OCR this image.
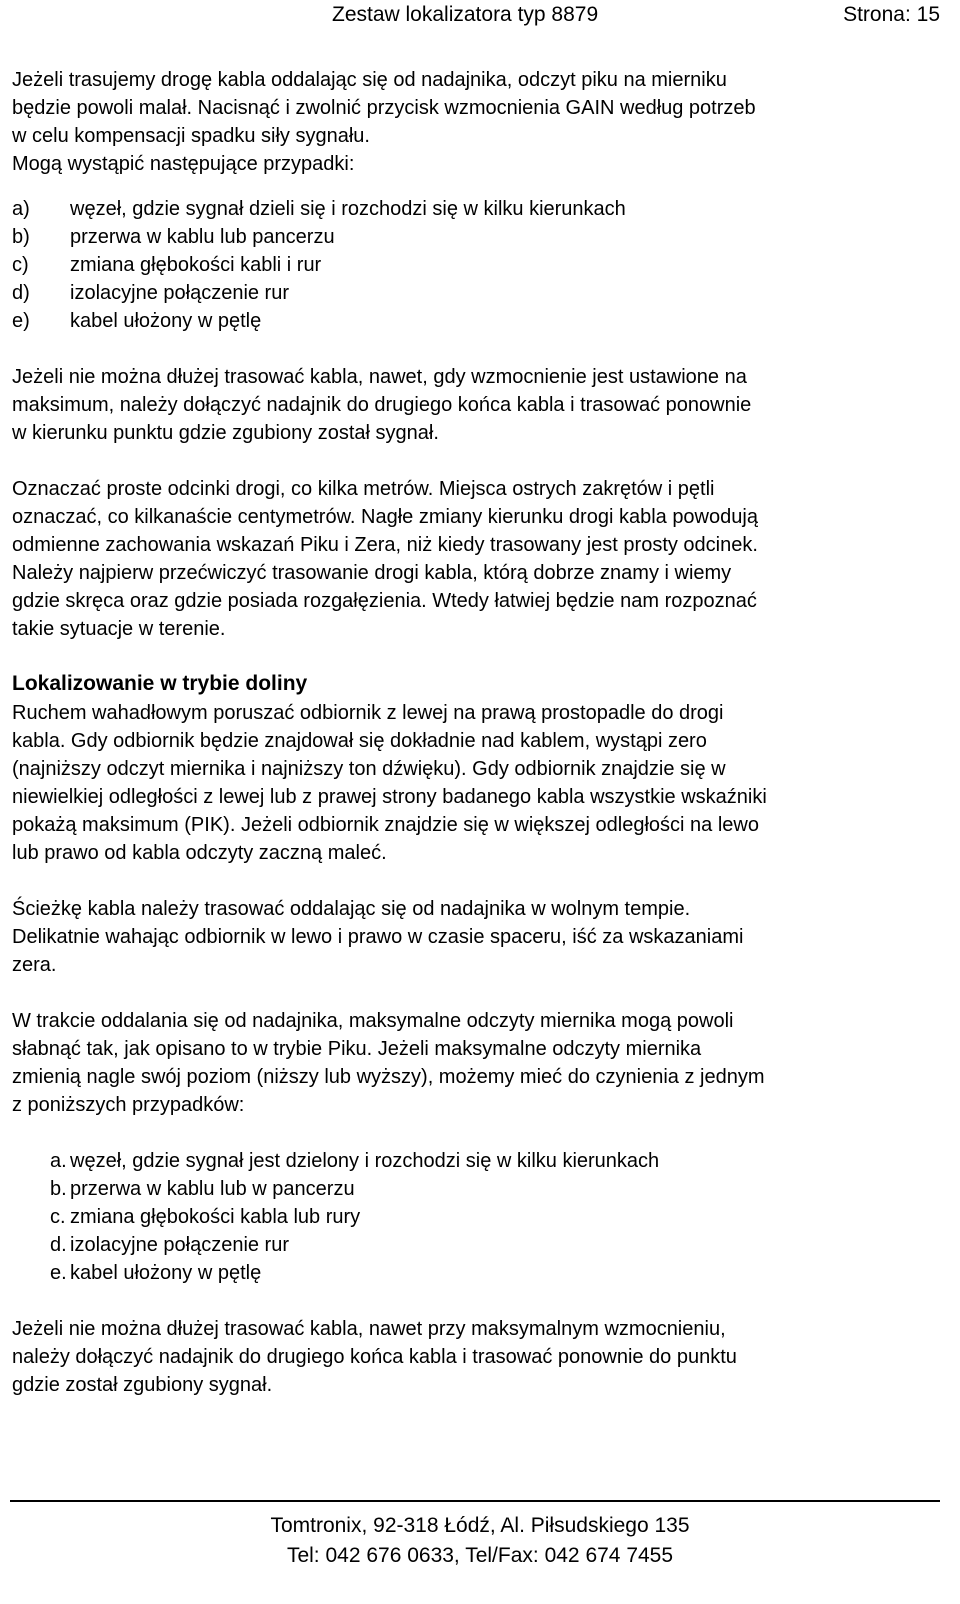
Zestaw lokalizatora typ 8879	Strona: 15

Jeżeli trasujemy drogę kabla oddalając się od nadajnika, odczyt piku na mierniku
będzie powoli malał. Nacisnąć i zwolnić przycisk wzmocnienia GAIN według potrzeb
w celu kompensacji spadku siły sygnału.
Mogą wystąpić następujące przypadki:

a)	węzeł, gdzie sygnał dzieli się i rozchodzi się w kilku kierunkach
b)	przerwa w kablu lub pancerzu
c)	zmiana głębokości kabli i rur
d)	izolacyjne połączenie rur
e)	kabel ułożony w pętlę

Jeżeli nie można dłużej trasować kabla, nawet, gdy wzmocnienie jest ustawione na
maksimum, należy dołączyć nadajnik do drugiego końca kabla i trasować ponownie
w kierunku punktu gdzie zgubiony został sygnał.

Oznaczać proste odcinki drogi, co kilka metrów. Miejsca ostrych zakrętów i pętli
oznaczać, co kilkanaście centymetrów. Nagłe zmiany kierunku drogi kabla powodują
odmienne zachowania wskazań Piku i Zera, niż kiedy trasowany jest prosty odcinek.
Należy najpierw przećwiczyć trasowanie drogi kabla, którą dobrze znamy i wiemy
gdzie skręca oraz gdzie posiada rozgałęzienia. Wtedy łatwiej będzie nam rozpoznać
takie sytuacje w terenie.

Lokalizowanie w trybie doliny

Ruchem wahadłowym poruszać odbiornik z lewej na prawą prostopadle do drogi
kabla. Gdy odbiornik będzie znajdował się dokładnie nad kablem, wystąpi zero
(najniższy odczyt miernika i najniższy ton dźwięku). Gdy odbiornik znajdzie się w
niewielkiej odległości z lewej lub z prawej strony badanego kabla wszystkie wskaźniki
pokażą maksimum (PIK). Jeżeli odbiornik znajdzie się w większej odległości na lewo
lub prawo od kabla odczyty zaczną maleć.

Ścieżkę kabla należy trasować oddalając się od nadajnika w wolnym tempie.
Delikatnie wahając odbiornik w lewo i prawo w czasie spaceru, iść za wskazaniami
zera.

W trakcie oddalania się od nadajnika, maksymalne odczyty miernika mogą powoli
słabnąć tak, jak opisano to w trybie Piku. Jeżeli maksymalne odczyty miernika
zmienią nagle swój poziom (niższy lub wyższy), możemy mieć do czynienia z jednym
z poniższych przypadków:

a. węzeł, gdzie sygnał jest dzielony i rozchodzi się w kilku kierunkach
b. przerwa w kablu lub w pancerzu
c. zmiana głębokości kabla lub rury
d. izolacyjne połączenie rur
e. kabel ułożony w pętlę

Jeżeli nie można dłużej trasować kabla, nawet przy maksymalnym wzmocnieniu,
należy dołączyć nadajnik do drugiego końca kabla i trasować ponownie do punktu
gdzie został zgubiony sygnał.

Tomtronix, 92-318 Łódź, Al. Piłsudskiego 135
Tel: 042 676 0633, Tel/Fax: 042 674 7455
